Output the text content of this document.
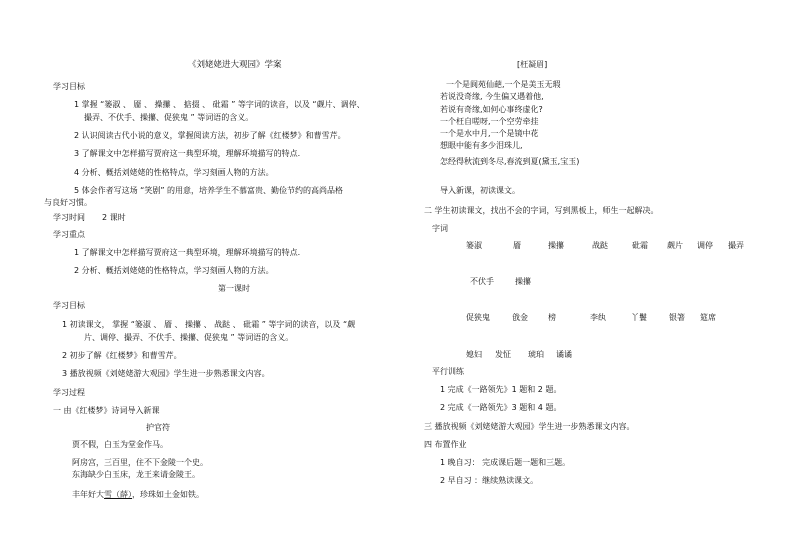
《刘姥姥进大观园》学案
学习目标
1 掌握 “篓淑 、 靥 、 操攥 、 掂掇 、 砒霜 ” 等字词的读音，以及 “觑片、调停、
撮弄、不伏手、操攥、促狭鬼 ” 等词语的含义。
2 认识阅读古代小说的意义，掌握阅读方法，初步了解《红楼梦》和曹雪芹。
3 了解课文中怎样描写贾府这一典型环境，理解环境描写的特点.
4 分析、概括刘姥姥的性格特点，学习刻画人物的方法。
5 体会作者写这场 “笑剧” 的用意，培养学生不慕富贵、勤俭节约的高尚品格
与良好习惯。
学习时间 2 课时
学习重点
1 了解课文中怎样描写贾府这一典型环境，理解环境描写的特点.
2 分析、概括刘姥姥的性格特点，学习刻画人物的方法。
第一课时
学习目标
1 初读课文， 掌握 “篓淑 、 靥 、 操攥 、 战跶 、 砒霜 ” 等字词的读音，以及 “觑
片、调停、撮弄、不伏手、操攥、促狭鬼 ” 等词语的含义。
2 初步了解《红楼梦》和曹雪芹。
3 播放视频《刘姥姥游大观园》学生进一步熟悉课文内容。
学习过程
一 由《红楼梦》诗词导入新课
护官符
贾不假，白玉为堂金作马。
阿房宫，三百里，住不下金陵一个史。
东海缺少白玉床，龙王来请金陵王。
丰年好大雪（薛），珍珠如土金如铁。
[枉凝眉]
一个是阆苑仙葩,一个是美玉无瑕
若说没奇缘, 今生偏又遇着他,
若说有奇缘,如何心事终虚化?
一个枉自嗟呀,一个空劳牵挂
一个是水中月,一个是镜中花
想眼中能有多少泪珠儿,
怎经得秋流到冬尽,春流到夏(黛玉,宝玉)
导入新课，初读课文。
二 学生初读课文，找出不会的字词，写到黑板上，师生一起解决。
字词
篓淑	靥	操攥	战跶	砒霜 觑片 调停 撮弄
不伏手	操攥
促狭鬼	戗金	榜	李纨	丫鬟	银箸 筵席
媳妇 发怔 琥珀 谲谲
平行训练
1 完成《一路领先》1 题和 2 题。
2 完成《一路领先》3 题和 4 题。
三 播放视频《刘姥姥游大观园》学生进一步熟悉课文内容。
四 布置作业
1 晚自习： 完成课后题一题和三题。
2 早自习 ：继续熟读课文。
